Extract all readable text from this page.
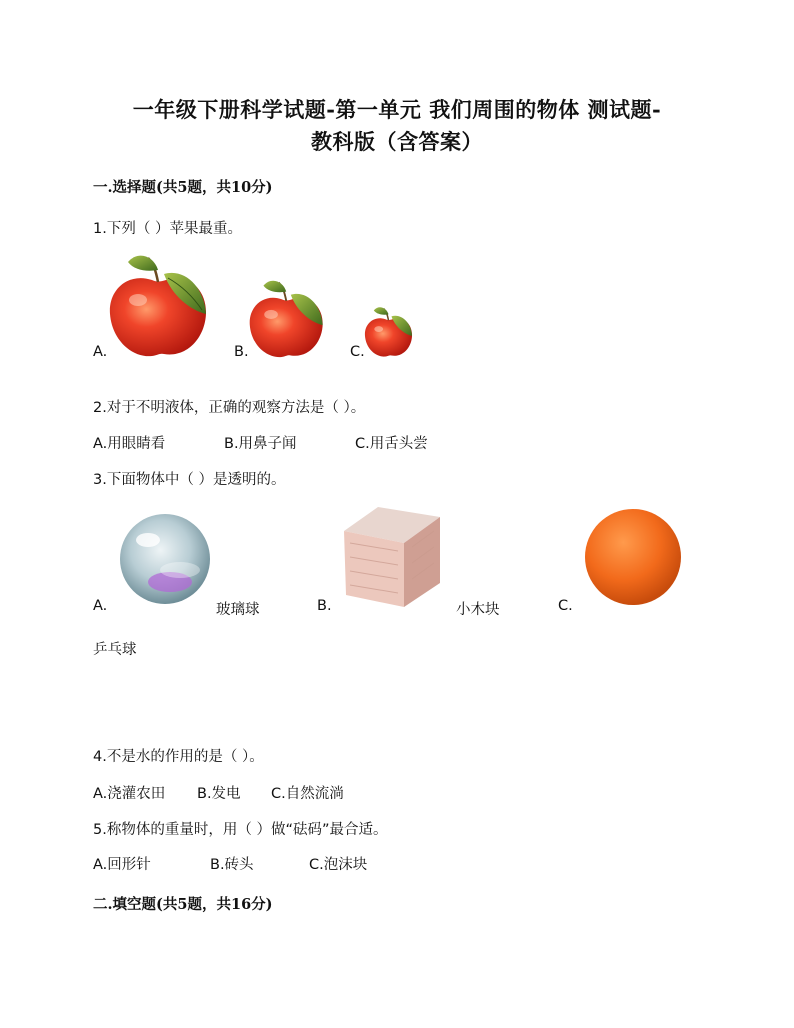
一年级下册科学试题-第一单元 我们周围的物体 测试题-
教科版（含答案）
一.选择题(共5题，共10分)
1.下列（ ）苹果最重。
A.	B.	C.
2.对于不明液体，正确的观察方法是（ ）。
A.用眼睛看	B.用鼻子闻	C.用舌头尝
3.下面物体中（ ）是透明的。
A.	玻璃球	B.	小木块	C.
乒乓球
4.不是水的作用的是（ ）。
A.浇灌农田 B.发电 C.自然流淌
5.称物体的重量时，用（ ）做“砝码”最合适。
A.回形针	B.砖头	C.泡沫块
二.填空题(共5题，共16分)
